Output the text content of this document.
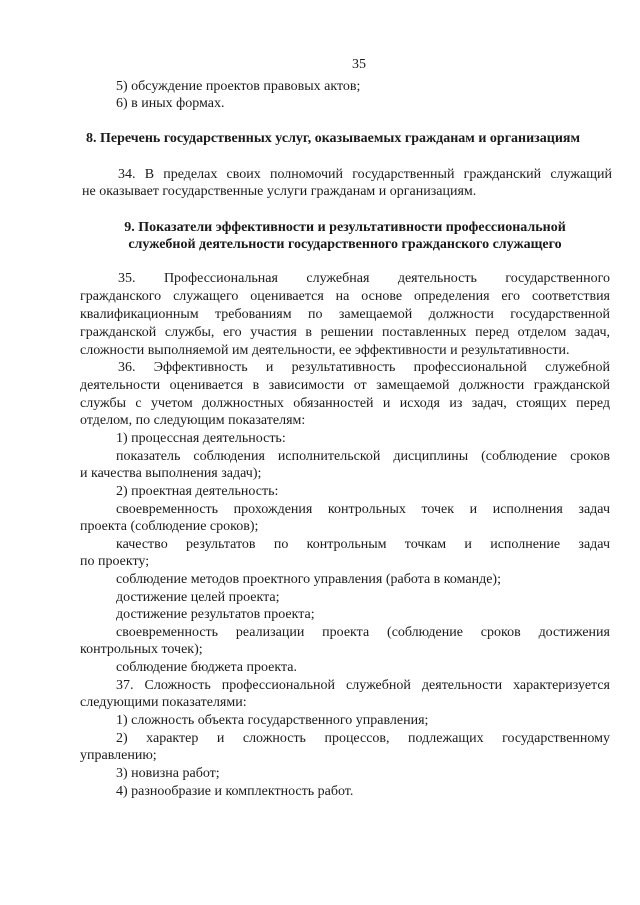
35
5) обсуждение проектов правовых актов;
6) в иных формах.
8. Перечень государственных услуг, оказываемых гражданам и организациям
34. В пределах своих полномочий государственный гражданский служащий
не оказывает государственные услуги гражданам и организациям.
9. Показатели эффективности и результативности профессиональной
служебной деятельности государственного гражданского служащего
35. Профессиональная служебная деятельность государственного
гражданского служащего оценивается на основе определения его соответствия
квалификационным требованиям по замещаемой должности государственной
гражданской службы, его участия в решении поставленных перед отделом задач,
сложности выполняемой им деятельности, ее эффективности и результативности.
36. Эффективность и результативность профессиональной служебной
деятельности оценивается в зависимости от замещаемой должности гражданской
службы с учетом должностных обязанностей и исходя из задач, стоящих перед
отделом, по следующим показателям:
1) процессная деятельность:
показатель соблюдения исполнительской дисциплины (соблюдение сроков
и качества выполнения задач);
2) проектная деятельность:
своевременность прохождения контрольных точек и исполнения задач
проекта (соблюдение сроков);
качество результатов по контрольным точкам и исполнение задач
по проекту;
соблюдение методов проектного управления (работа в команде);
достижение целей проекта;
достижение результатов проекта;
своевременность реализации проекта (соблюдение сроков достижения
контрольных точек);
соблюдение бюджета проекта.
37. Сложность профессиональной служебной деятельности характеризуется
следующими показателями:
1) сложность объекта государственного управления;
2) характер и сложность процессов, подлежащих государственному
управлению;
3) новизна работ;
4) разнообразие и комплектность работ.
